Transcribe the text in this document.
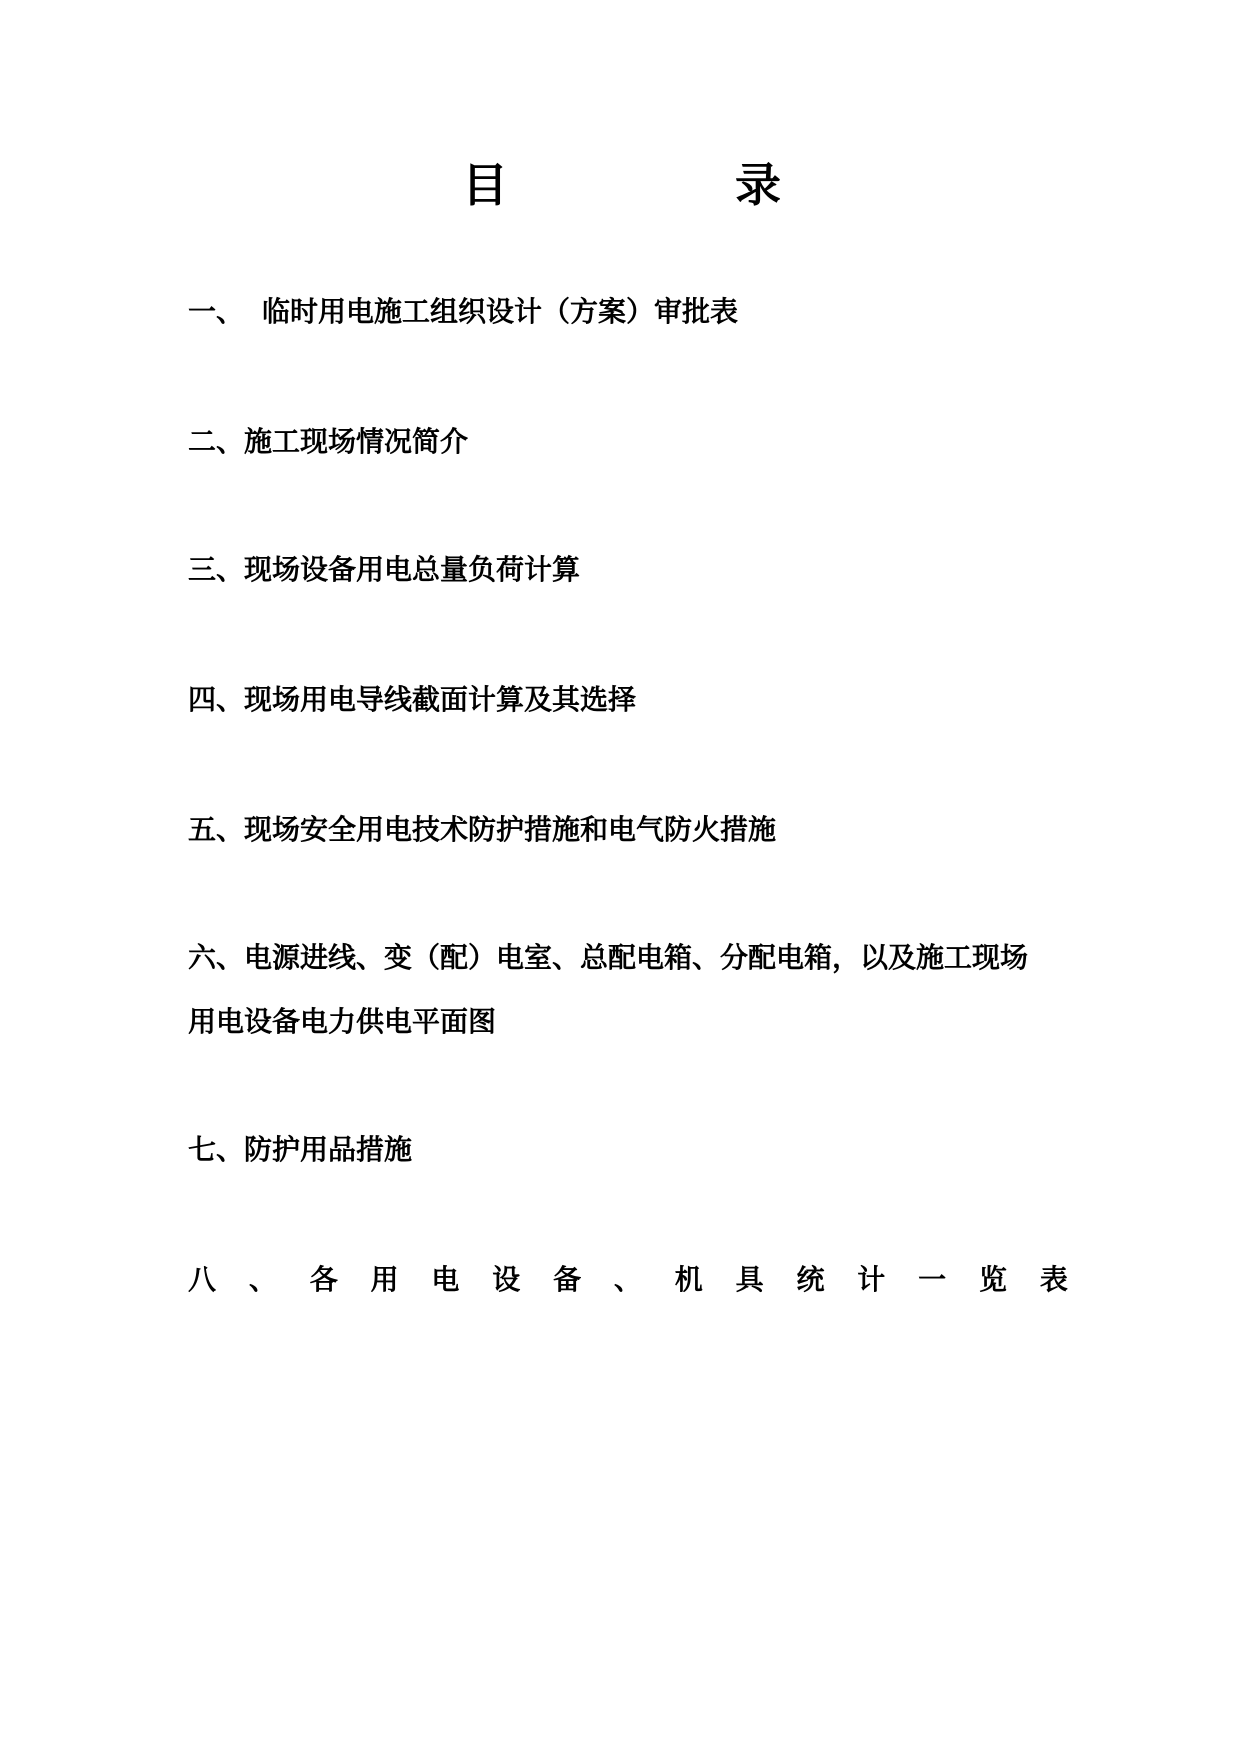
目	录
一、 临时用电施工组织设计（方案）审批表
二、施工现场情况简介
三、现场设备用电总量负荷计算
四、现场用电导线截面计算及其选择
五、现场安全用电技术防护措施和电气防火措施
六、电源进线、变（配）电室、总配电箱、分配电箱，以及施工现场
用电设备电力供电平面图
七、防护用品措施
八 、 各 用 电 设 备 、 机 具 统 计 一 览 表
